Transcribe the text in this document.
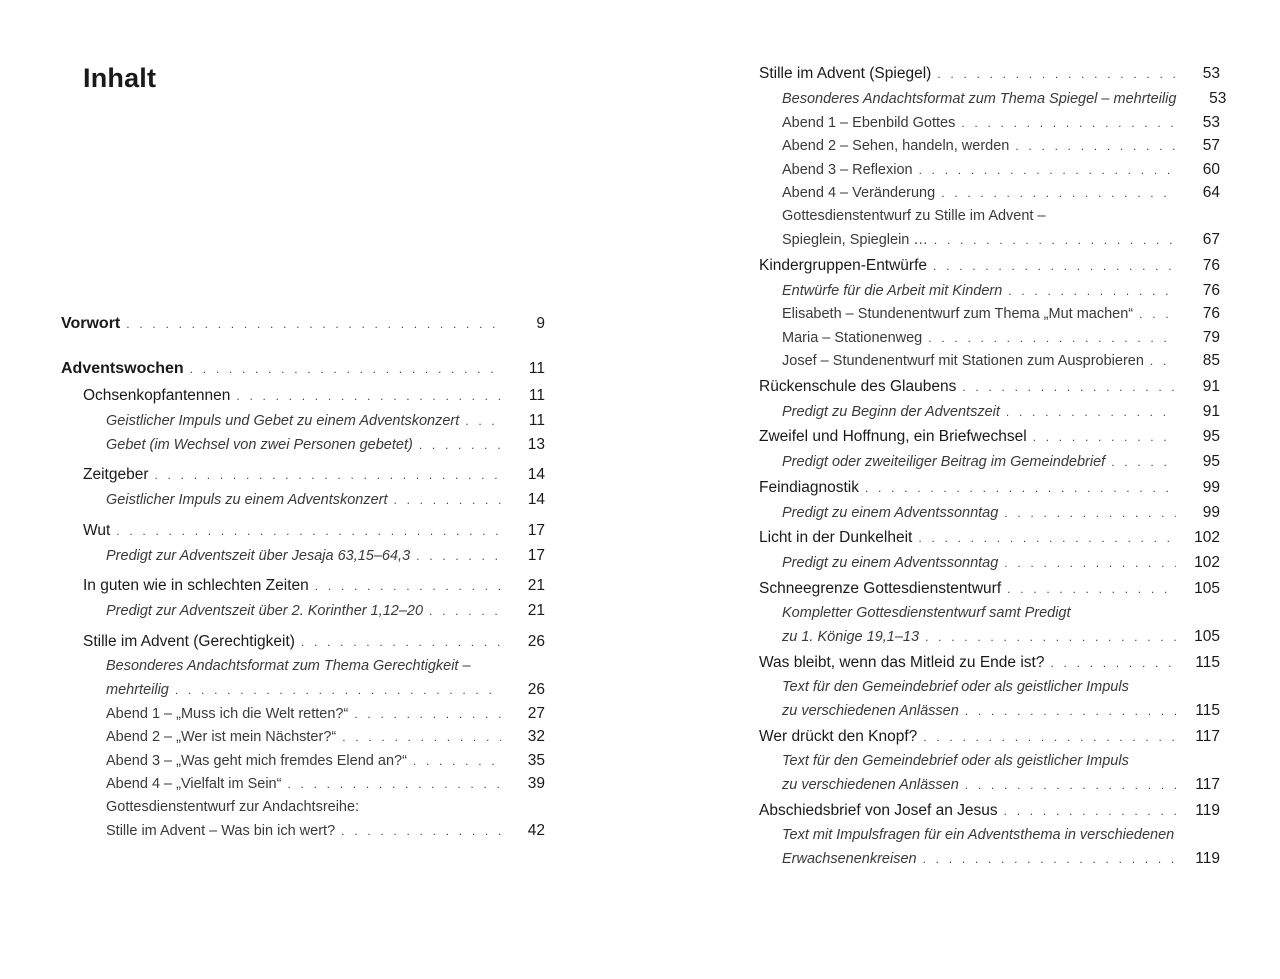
Inhalt
Vorwort . . .	9
Adventswochen . . .	11
Ochsenkopfantennen . . .	11
Geistlicher Impuls und Gebet zu einem Adventskonzert . . .	11
Gebet (im Wechsel von zwei Personen gebetet) . . .	13
Zeitgeber . . .	14
Geistlicher Impuls zu einem Adventskonzert . . .	14
Wut . . .	17
Predigt zur Adventszeit über Jesaja 63,15–64,3 . . .	17
In guten wie in schlechten Zeiten . . .	21
Predigt zur Adventszeit über 2. Korinther 1,12–20 . . .	21
Stille im Advent (Gerechtigkeit) . . .	26
Besonderes Andachtsformat zum Thema Gerechtigkeit –
mehrteilig . . .	26
Abend 1 – „Muss ich die Welt retten?“ . . .	27
Abend 2 – „Wer ist mein Nächster?“ . . .	32
Abend 3 – „Was geht mich fremdes Elend an?“ . . .	35
Abend 4 – „Vielfalt im Sein“ . . .	39
Gottesdienstentwurf zur Andachtsreihe:
Stille im Advent – Was bin ich wert? . . .	42
Stille im Advent (Spiegel) . . .	53
Besonderes Andachtsformat zum Thema Spiegel – mehrteilig	53
Abend 1 – Ebenbild Gottes . . .	53
Abend 2 – Sehen, handeln, werden . . .	57
Abend 3 – Reflexion . . .	60
Abend 4 – Veränderung . . .	64
Gottesdienstentwurf zu Stille im Advent –
Spieglein, Spieglein … . . .	67
Kindergruppen-Entwürfe . . .	76
Entwürfe für die Arbeit mit Kindern . . .	76
Elisabeth – Stundenentwurf zum Thema „Mut machen“ . . .	76
Maria – Stationenweg . . .	79
Josef – Stundenentwurf mit Stationen zum Ausprobieren . . .	85
Rückenschule des Glaubens . . .	91
Predigt zu Beginn der Adventszeit . . .	91
Zweifel und Hoffnung, ein Briefwechsel . . .	95
Predigt oder zweiteiliger Beitrag im Gemeindebrief . . .	95
Feindiagnostik . . .	99
Predigt zu einem Adventssonntag . . .	99
Licht in der Dunkelheit . . .	102
Predigt zu einem Adventssonntag . . .	102
Schneegrenze Gottesdienstentwurf . . .	105
Kompletter Gottesdienstentwurf samt Predigt
zu 1. Könige 19,1–13 . . .	105
Was bleibt, wenn das Mitleid zu Ende ist? . . .	115
Text für den Gemeindebrief oder als geistlicher Impuls
zu verschiedenen Anlässen . . .	115
Wer drückt den Knopf? . . .	117
Text für den Gemeindebrief oder als geistlicher Impuls
zu verschiedenen Anlässen . . .	117
Abschiedsbrief von Josef an Jesus . . .	119
Text mit Impulsfragen für ein Adventsthema in verschiedenen
Erwachsenenkreisen . . .	119
